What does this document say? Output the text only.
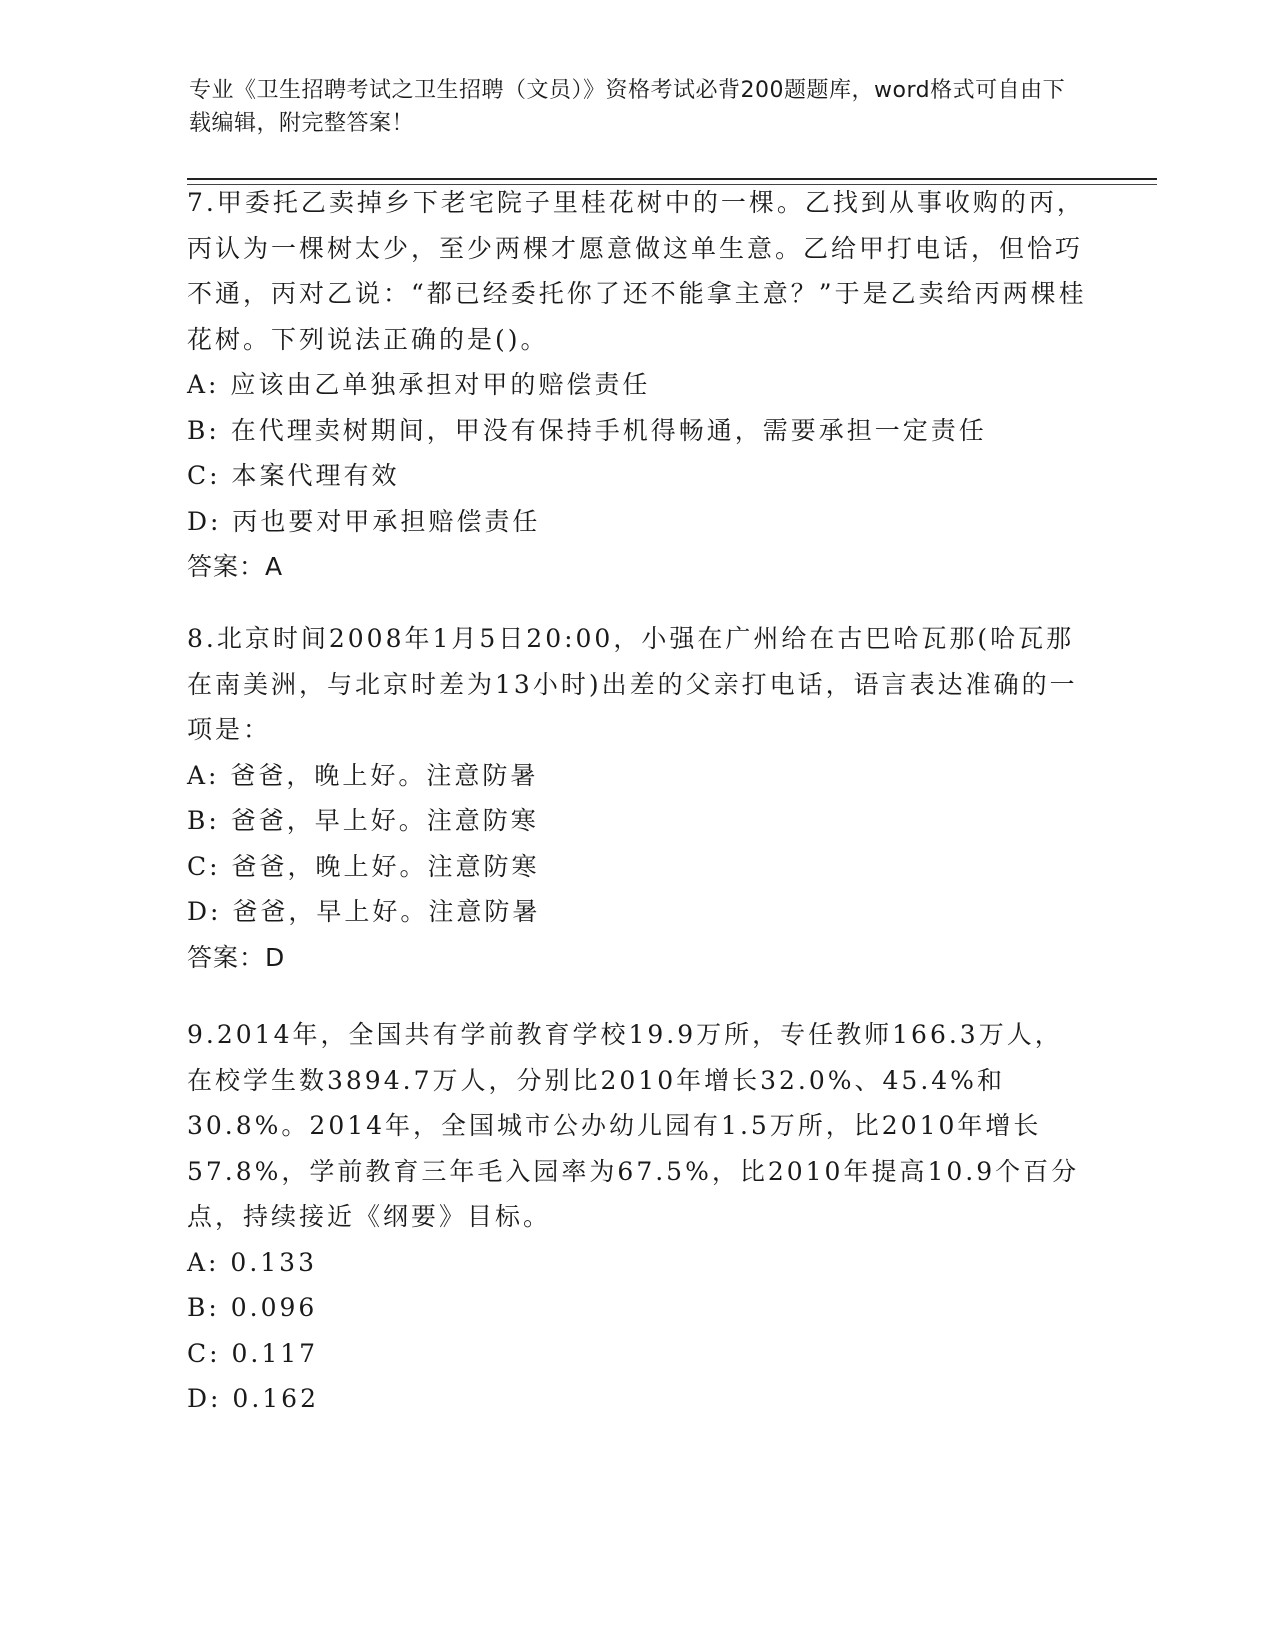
专业《卫生招聘考试之卫生招聘（文员）》资格考试必背200题题库，word格式可自由下载编辑，附完整答案！
7.甲委托乙卖掉乡下老宅院子里桂花树中的一棵。乙找到从事收购的丙，丙认为一棵树太少，至少两棵才愿意做这单生意。乙给甲打电话，但恰巧不通，丙对乙说：“都已经委托你了还不能拿主意？”于是乙卖给丙两棵桂花树。下列说法正确的是()。
A: 应该由乙单独承担对甲的赔偿责任
B: 在代理卖树期间，甲没有保持手机得畅通，需要承担一定责任
C: 本案代理有效
D: 丙也要对甲承担赔偿责任
答案：A
8.北京时间2008年1月5日20:00，小强在广州给在古巴哈瓦那(哈瓦那在南美洲，与北京时差为13小时)出差的父亲打电话，语言表达准确的一项是：
A: 爸爸，晚上好。注意防暑
B: 爸爸，早上好。注意防寒
C: 爸爸，晚上好。注意防寒
D: 爸爸，早上好。注意防暑
答案：D
9.2014年，全国共有学前教育学校19.9万所，专任教师166.3万人，在校学生数3894.7万人，分别比2010年增长32.0%、45.4%和30.8%。2014年，全国城市公办幼儿园有1.5万所，比2010年增长57.8%，学前教育三年毛入园率为67.5%，比2010年提高10.9个百分点，持续接近《纲要》目标。
A: 0.133
B: 0.096
C: 0.117
D: 0.162
